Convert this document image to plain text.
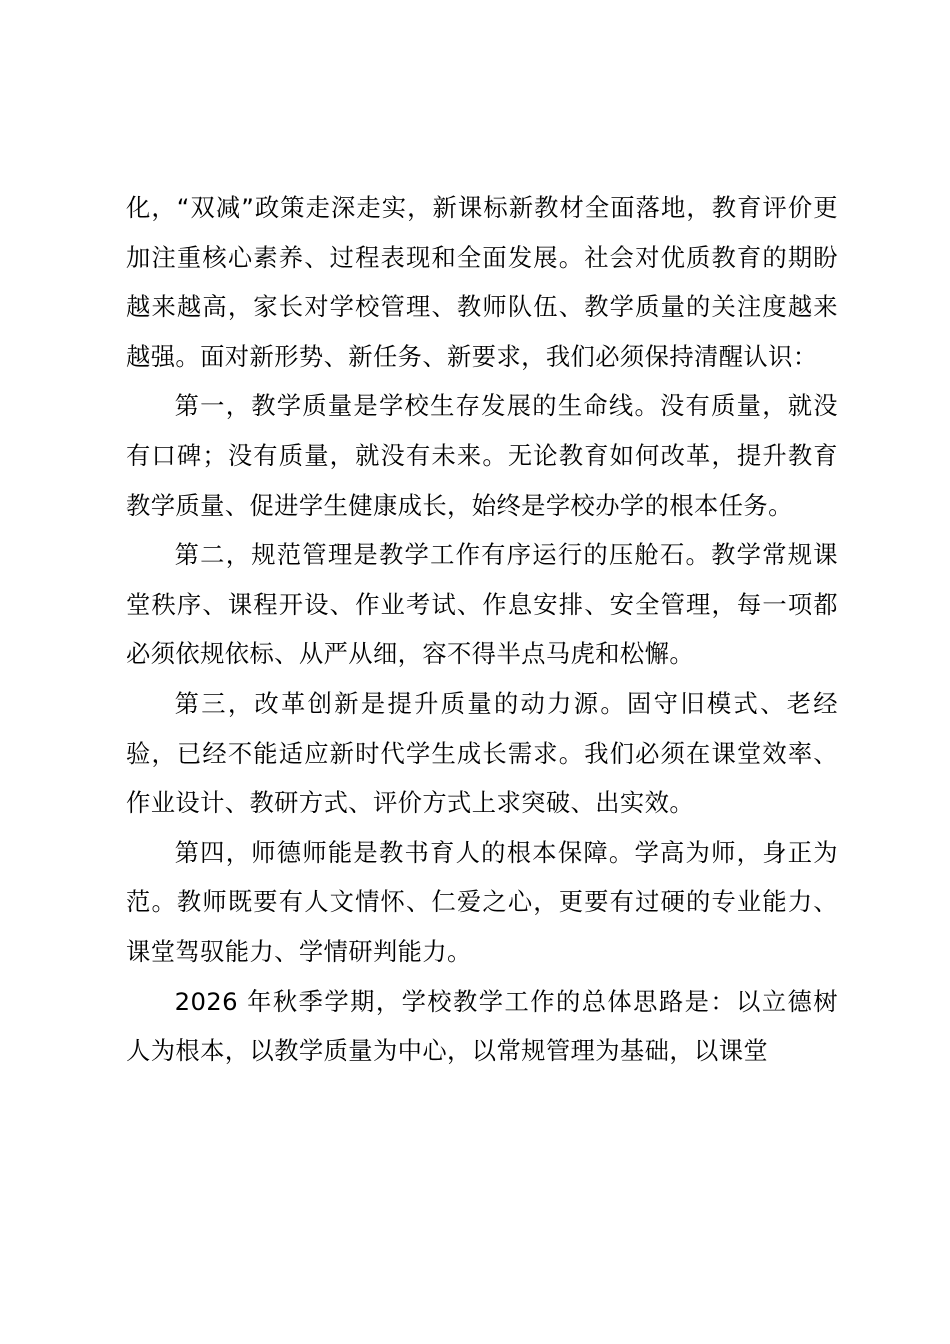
化，“双减”政策走深走实，新课标新教材全面落地，教育评价更加注重核心素养、过程表现和全面发展。社会对优质教育的期盼越来越高，家长对学校管理、教师队伍、教学质量的关注度越来越强。面对新形势、新任务、新要求，我们必须保持清醒认识：

第一，教学质量是学校生存发展的生命线。没有质量，就没有口碑；没有质量，就没有未来。无论教育如何改革，提升教育教学质量、促进学生健康成长，始终是学校办学的根本任务。

第二，规范管理是教学工作有序运行的压舱石。教学常规课堂秩序、课程开设、作业考试、作息安排、安全管理，每一项都必须依规依标、从严从细，容不得半点马虎和松懈。

第三，改革创新是提升质量的动力源。固守旧模式、老经验，已经不能适应新时代学生成长需求。我们必须在课堂效率、作业设计、教研方式、评价方式上求突破、出实效。

第四，师德师能是教书育人的根本保障。学高为师，身正为范。教师既要有人文情怀、仁爱之心，更要有过硬的专业能力、课堂驾驭能力、学情研判能力。

2026 年秋季学期，学校教学工作的总体思路是：以立德树人为根本，以教学质量为中心，以常规管理为基础，以课堂
